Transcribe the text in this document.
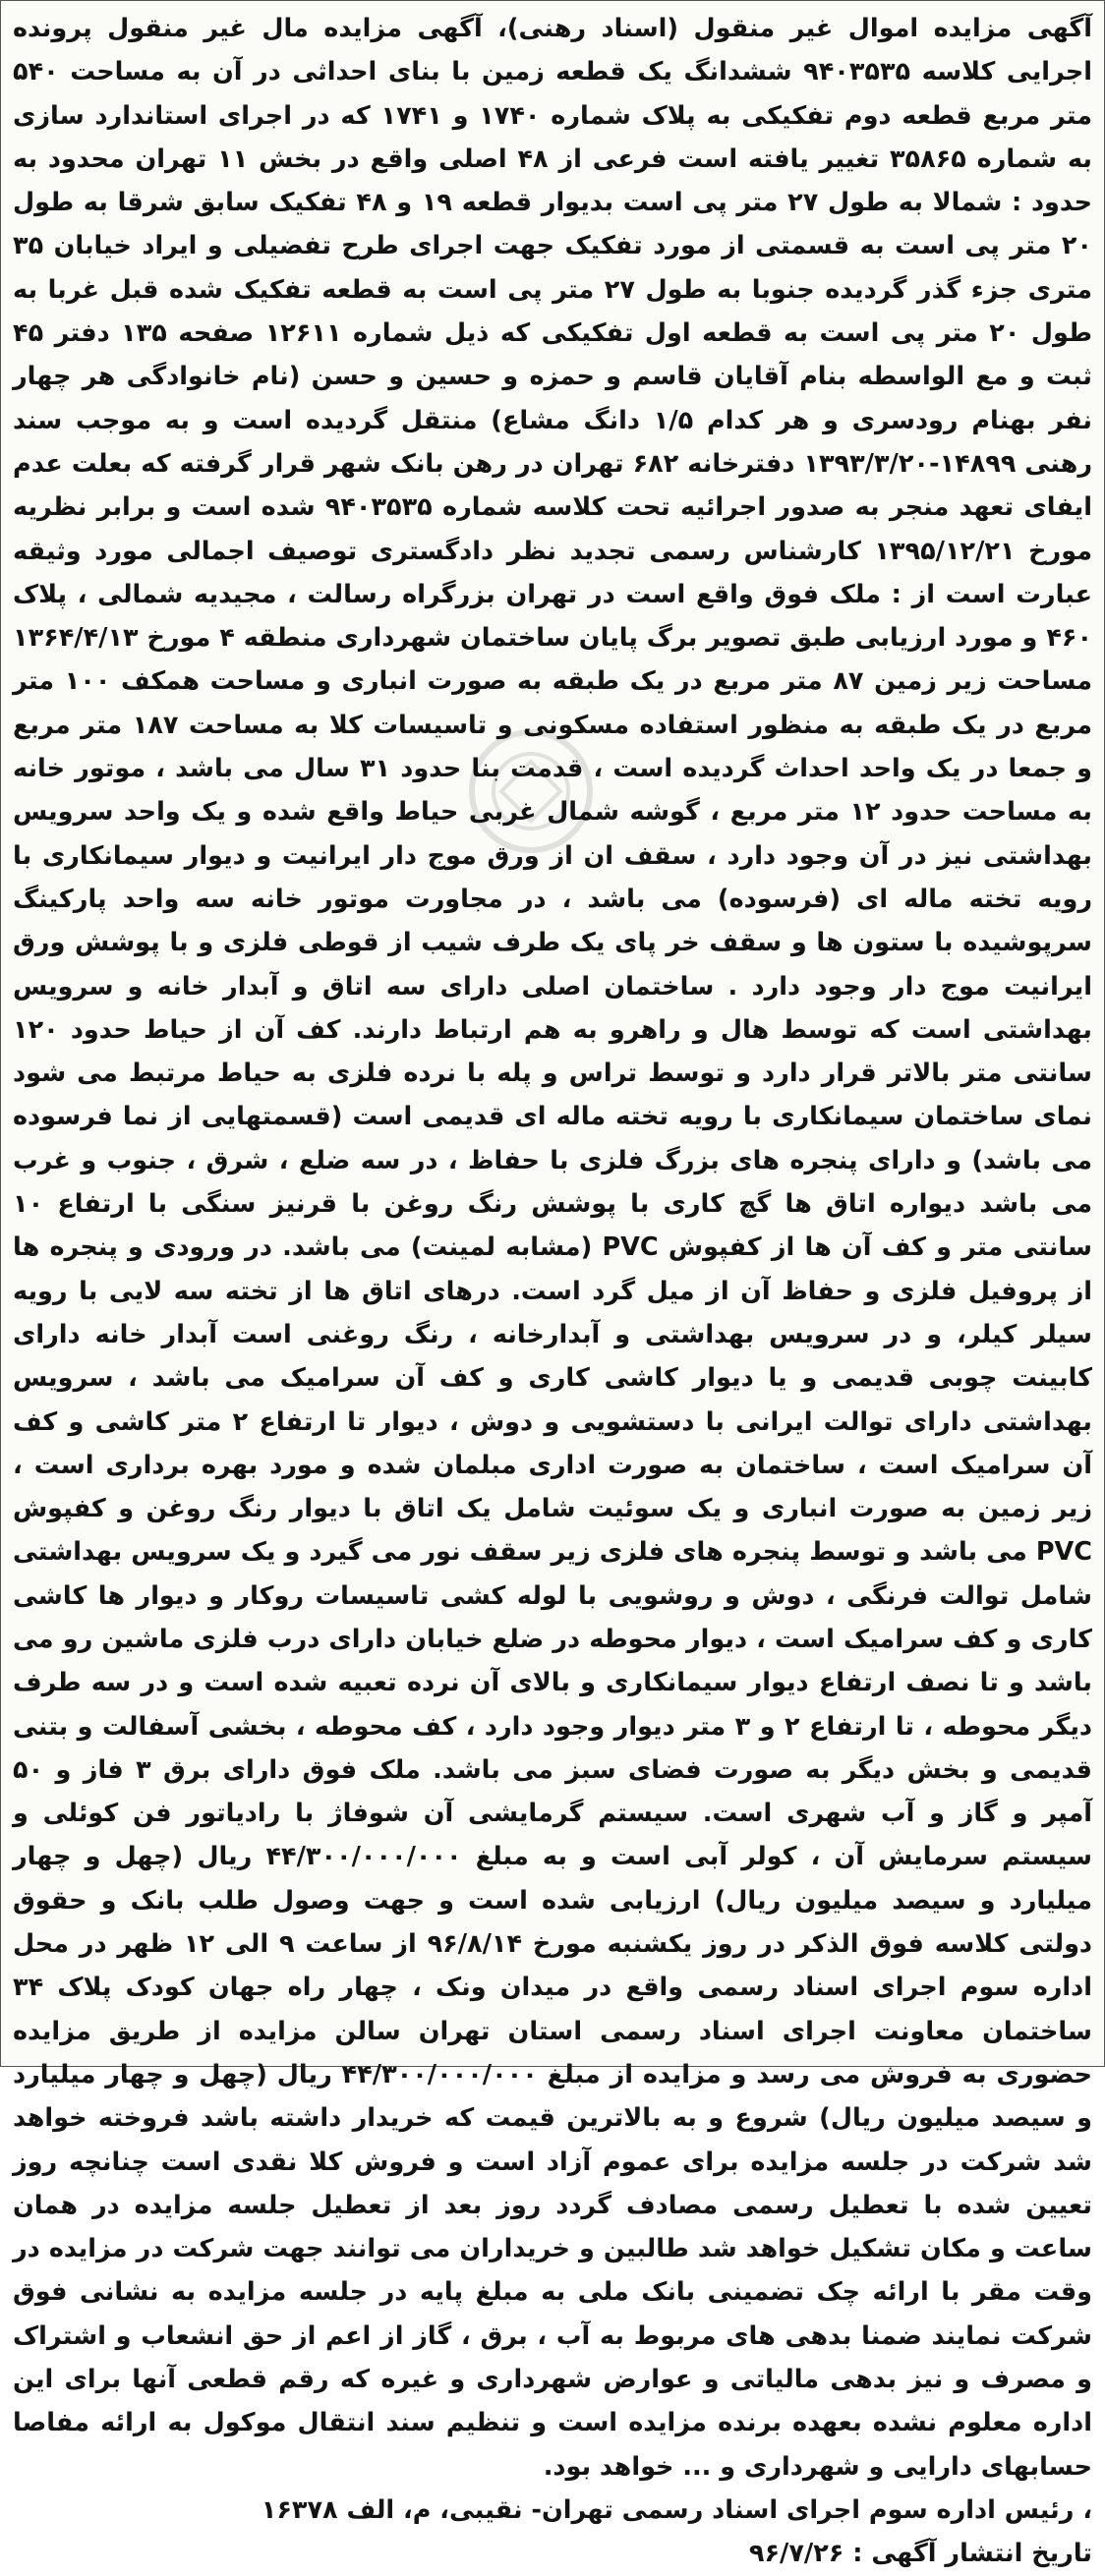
آگهی مزایده اموال غیر منقول (اسناد رهنی)، آگهی مزایده مال غیر منقول پرونده اجرایی کلاسه ۹۴۰۳۵۳۵ ششدانگ یک قطعه زمین با بنای احداثی در آن به مساحت ۵۴۰ متر مربع قطعه دوم تفکیکی به پلاک شماره ۱۷۴۰ و ۱۷۴۱ که در اجرای استاندارد سازی به شماره ۳۵۸۶۵ تغییر یافته است فرعی از ۴۸ اصلی واقع در بخش ۱۱ تهران محدود به حدود : شمالا به طول ۲۷ متر پی است بدیوار قطعه ۱۹ و ۴۸ تفکیک سابق شرقا به طول ۲۰ متر پی است به قسمتی از مورد تفکیک جهت اجرای طرح تفضیلی و ایراد خیابان ۳۵ متری جزء گذر گردیده جنوبا به طول ۲۷ متر پی است به قطعه تفکیک شده قبل غربا به طول ۲۰ متر پی است به قطعه اول تفکیکی که ذیل شماره ۱۲۶۱۱ صفحه ۱۳۵ دفتر ۴۵ ثبت و مع الواسطه بنام آقایان قاسم و حمزه و حسین و حسن (نام خانوادگی هر چهار نفر بهنام رودسری و هر کدام ۱/۵ دانگ مشاع) منتقل گردیده است و به موجب سند رهنی ۱۴۸۹۹-۱۳۹۳/۳/۲۰ دفترخانه ۶۸۲ تهران در رهن بانک شهر قرار گرفته که بعلت عدم ایفای تعهد منجر به صدور اجرائیه تحت کلاسه شماره ۹۴۰۳۵۳۵ شده است و برابر نظریه مورخ ۱۳۹۵/۱۲/۲۱ کارشناس رسمی تجدید نظر دادگستری توصیف اجمالی مورد وثیقه عبارت است از : ملک فوق واقع است در تهران بزرگراه رسالت ، مجیدیه شمالی ، پلاک ۴۶۰ و مورد ارزیابی طبق تصویر برگ پایان ساختمان شهرداری منطقه ۴ مورخ ۱۳۶۴/۴/۱۳ مساحت زیر زمین ۸۷ متر مربع در یک طبقه به صورت انباری و مساحت همکف ۱۰۰ متر مربع در یک طبقه به منظور استفاده مسکونی و تاسیسات کلا به مساحت ۱۸۷ متر مربع و جمعا در یک واحد احداث گردیده است ، قدمت بنا حدود ۳۱ سال می باشد ، موتور خانه به مساحت حدود ۱۲ متر مربع ، گوشه شمال غربی حیاط واقع شده و یک واحد سرویس بهداشتی نیز در آن وجود دارد ، سقف ان از ورق موج دار ایرانیت و دیوار سیمانکاری با رویه تخته ماله ای (فرسوده) می باشد ، در مجاورت موتور خانه سه واحد پارکینگ سرپوشیده با ستون ها و سقف خر پای یک طرف شیب از قوطی فلزی و با پوشش ورق ایرانیت موج دار وجود دارد . ساختمان اصلی دارای سه اتاق و آبدار خانه و سرویس بهداشتی است که توسط هال و راهرو به هم ارتباط دارند. کف آن از حیاط حدود ۱۲۰ سانتی متر بالاتر قرار دارد و توسط تراس و پله با نرده فلزی به حیاط مرتبط می شود نمای ساختمان سیمانکاری با رویه تخته ماله ای قدیمی است (قسمتهایی از نما فرسوده می باشد) و دارای پنجره های بزرگ فلزی با حفاظ ، در سه ضلع ، شرق ، جنوب و غرب می باشد دیواره اتاق ها گچ کاری با پوشش رنگ روغن با قرنیز سنگی با ارتفاع ۱۰ سانتی متر و کف آن ها از کفپوش PVC (مشابه لمینت) می باشد. در ورودی و پنجره ها از پروفیل فلزی و حفاظ آن از میل گرد است. درهای اتاق ها از تخته سه لایی با رویه سیلر کیلر، و در سرویس بهداشتی و آبدارخانه ، رنگ روغنی است آبدار خانه دارای کابینت چوبی قدیمی و یا دیوار کاشی کاری و کف آن سرامیک می باشد ، سرویس بهداشتی دارای توالت ایرانی با دستشویی و دوش ، دیوار تا ارتفاع ۲ متر کاشی و کف آن سرامیک است ، ساختمان به صورت اداری مبلمان شده و مورد بهره برداری است ، زیر زمین به صورت انباری و یک سوئیت شامل یک اتاق با دیوار رنگ روغن و کفپوش PVC می باشد و توسط پنجره های فلزی زیر سقف نور می گیرد و یک سرویس بهداشتی شامل توالت فرنگی ، دوش و روشویی با لوله کشی تاسیسات روکار و دیوار ها کاشی کاری و کف سرامیک است ، دیوار محوطه در ضلع خیابان دارای درب فلزی ماشین رو می باشد و تا نصف ارتفاع دیوار سیمانکاری و بالای آن نرده تعبیه شده است و در سه طرف دیگر محوطه ، تا ارتفاع ۲ و ۳ متر دیوار وجود دارد ، کف محوطه ، بخشی آسفالت و بتنی قدیمی و بخش دیگر به صورت فضای سبز می باشد. ملک فوق دارای برق ۳ فاز و ۵۰ آمپر و گاز و آب شهری است. سیستم گرمایشی آن شوفاژ با رادیاتور فن کوئلی و سیستم سرمایش آن ، کولر آبی است و به مبلغ ۴۴/۳۰۰/۰۰۰/۰۰۰ ریال (چهل و چهار میلیارد و سیصد میلیون ریال) ارزیابی شده است و جهت وصول طلب بانک و حقوق دولتی کلاسه فوق الذکر در روز یکشنبه مورخ ۹۶/۸/۱۴ از ساعت ۹ الی ۱۲ ظهر در محل اداره سوم اجرای اسناد رسمی واقع در میدان ونک ، چهار راه جهان کودک پلاک ۳۴ ساختمان معاونت اجرای اسناد رسمی استان تهران سالن مزایده از طریق مزایده حضوری به فروش می رسد و مزایده از مبلغ ۴۴/۳۰۰/۰۰۰/۰۰۰ ریال (چهل و چهار میلیارد و سیصد میلیون ریال) شروع و به بالاترین قیمت که خریدار داشته باشد فروخته خواهد شد شرکت در جلسه مزایده برای عموم آزاد است و فروش کلا نقدی است چنانچه روز تعیین شده با تعطیل رسمی مصادف گردد روز بعد از تعطیل جلسه مزایده در همان ساعت و مکان تشکیل خواهد شد طالبین و خریداران می توانند جهت شرکت در مزایده در وقت مقر با ارائه چک تضمینی بانک ملی به مبلغ پایه در جلسه مزایده به نشانی فوق شرکت نمایند ضمنا بدهی های مربوط به آب ، برق ، گاز از اعم از حق انشعاب و اشتراک و مصرف و نیز بدهی مالیاتی و عوارض شهرداری و غیره که رقم قطعی آنها برای این اداره معلوم نشده بعهده برنده مزایده است و تنظیم سند انتقال موکول به ارائه مفاصا حسابهای دارایی و شهرداری و ... خواهد بود.

، رئیس اداره سوم اجرای اسناد رسمی تهران- نقیبی، م، الف ۱۶۳۷۸
تاریخ انتشار آگهی : ۹۶/۷/۲۶
